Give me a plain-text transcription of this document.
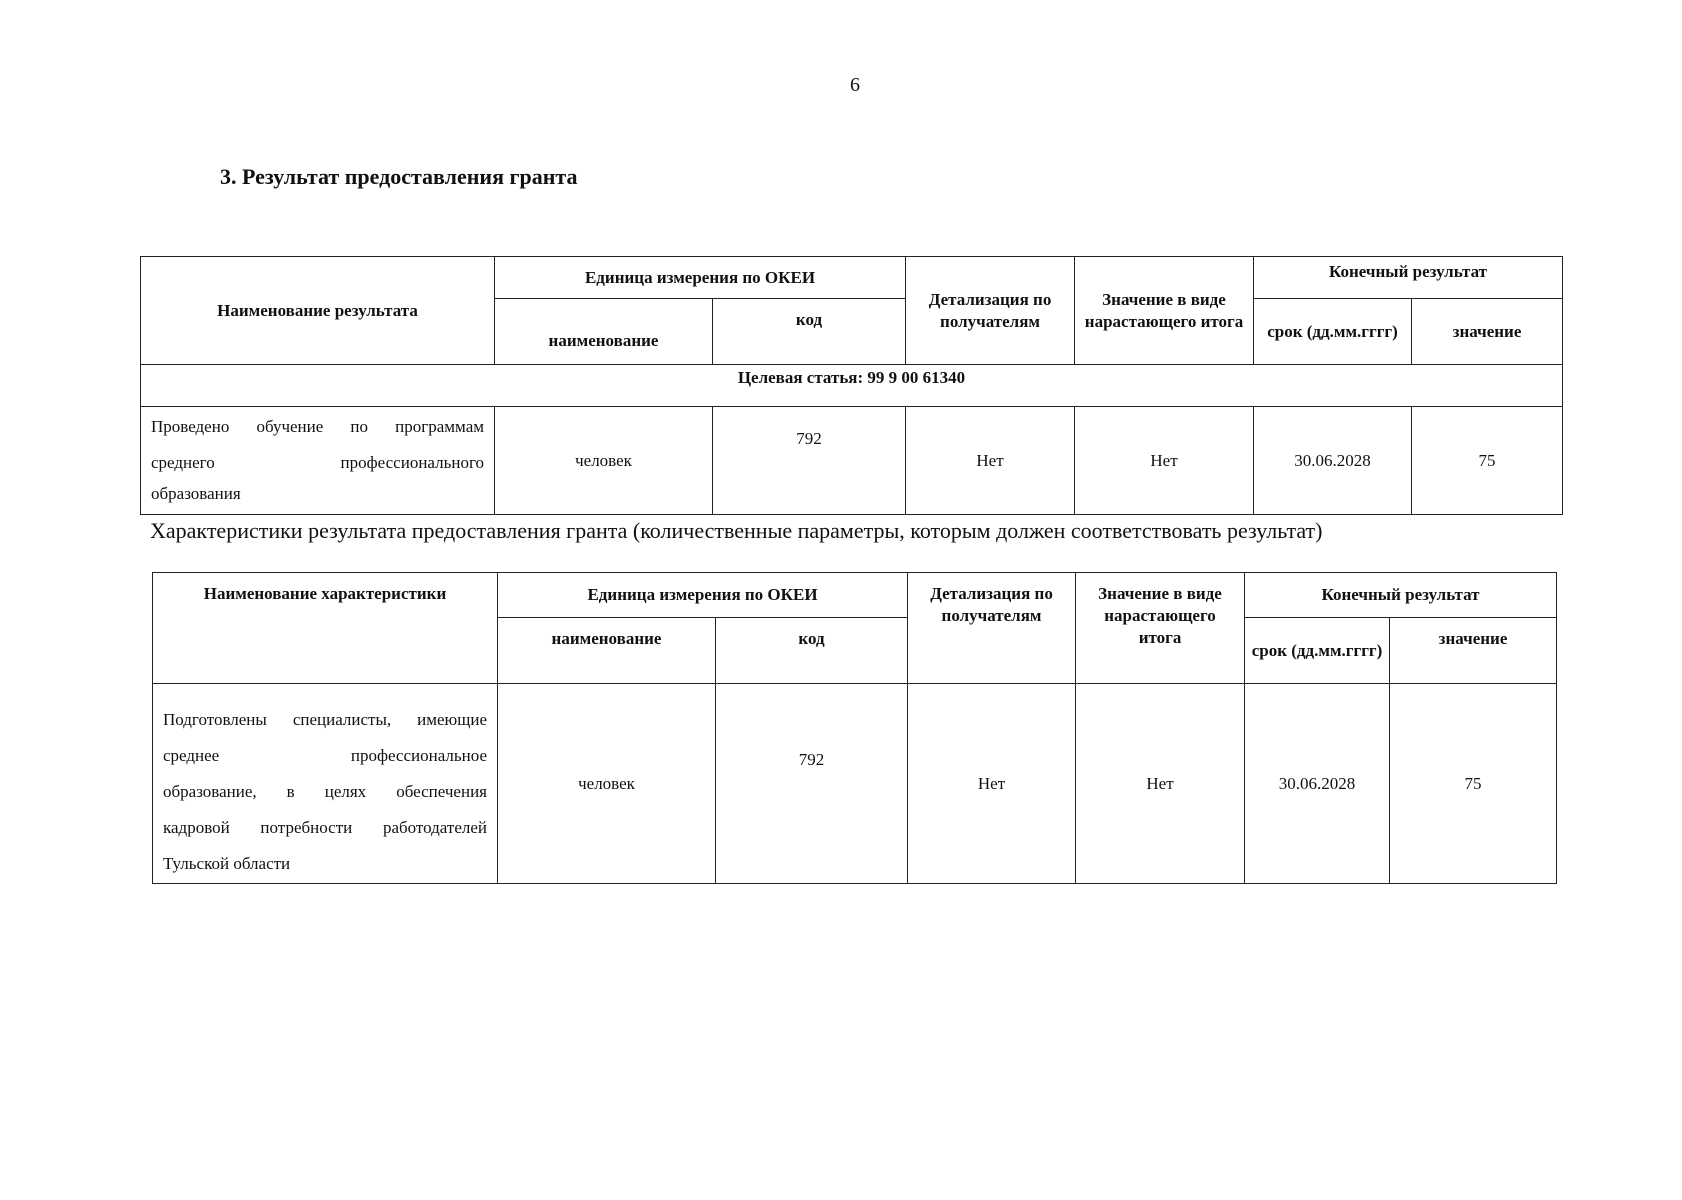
6
3. Результат предоставления гранта
Наименование результата	Единица измерения по ОКЕИ		Детализация по получателям	Значение в виде нарастающего итога	Конечный результат	
	наименование	код			срок (дд.мм.гггг)	значение
Целевая статья: 99 9 00 61340						

Проведено обучение по программам
среднего профессионального
образования	человек	792	Нет	Нет	30.06.2028	75
Характеристики результата предоставления гранта (количественные параметры, которым должен соответствовать результат)
Наименование характеристики	Единица измерения по ОКЕИ		Детализация по получателям	Значение в виде нарастающего итога	Конечный результат	
	наименование	код			срок (дд.мм.гггг)	значение

Подготовлены специалисты, имеющие
среднее профессиональное
образование, в целях обеспечения
кадровой потребности работодателей
Тульской области	человек	792	Нет	Нет	30.06.2028	75
